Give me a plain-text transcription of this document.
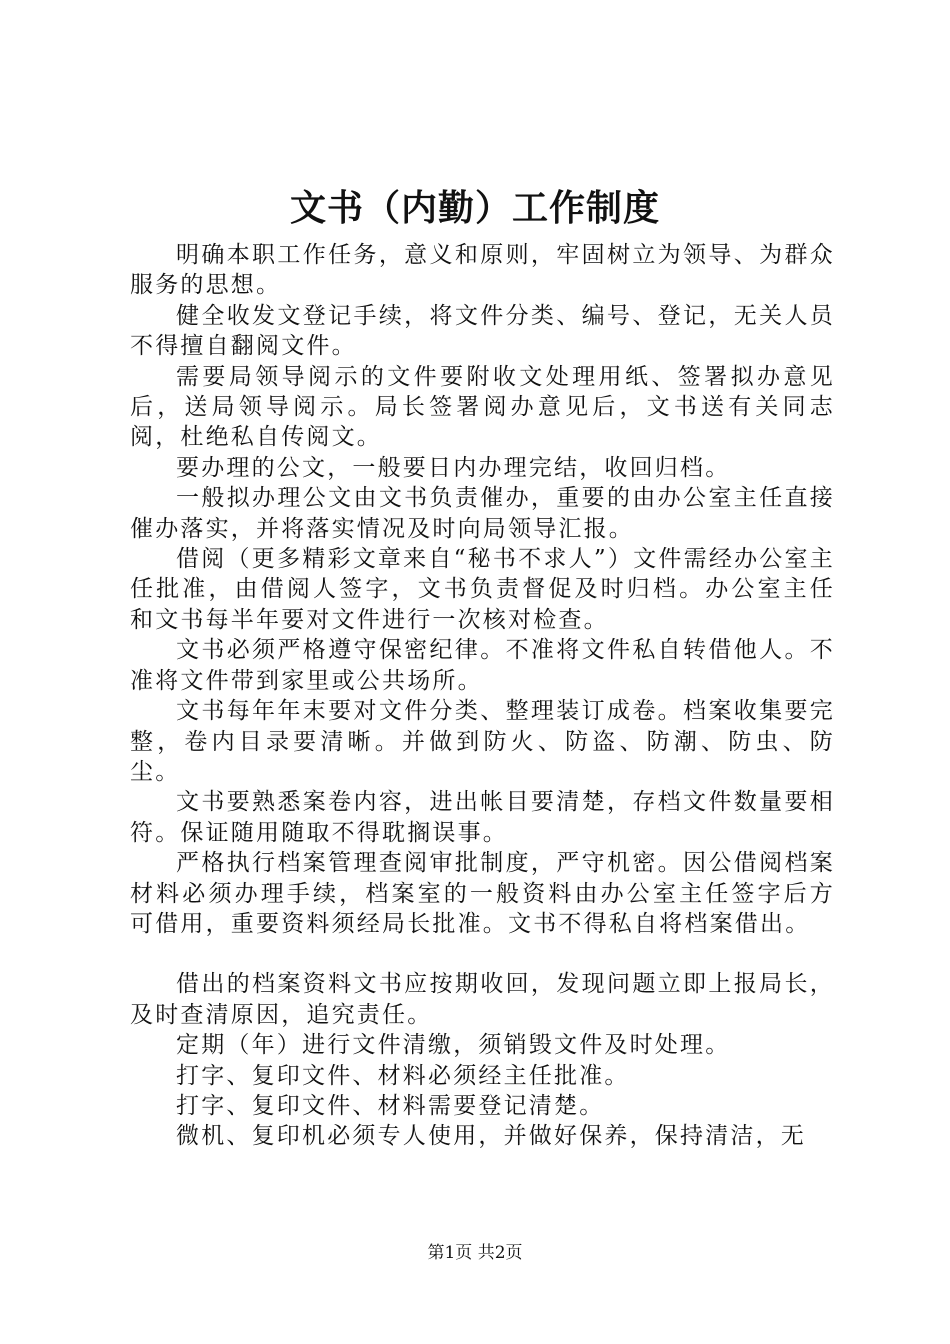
文书（内勤）工作制度

明确本职工作任务，意义和原则，牢固树立为领导、为群众服务的思想。

健全收发文登记手续，将文件分类、编号、登记，无关人员不得擅自翻阅文件。

需要局领导阅示的文件要附收文处理用纸、签署拟办意见后，送局领导阅示。局长签署阅办意见后，文书送有关同志阅，杜绝私自传阅文。

要办理的公文，一般要日内办理完结，收回归档。

一般拟办理公文由文书负责催办，重要的由办公室主任直接催办落实，并将落实情况及时向局领导汇报。

借阅（更多精彩文章来自“秘书不求人”）文件需经办公室主任批准，由借阅人签字，文书负责督促及时归档。办公室主任和文书每半年要对文件进行一次核对检查。

文书必须严格遵守保密纪律。不准将文件私自转借他人。不准将文件带到家里或公共场所。

文书每年年末要对文件分类、整理装订成卷。档案收集要完整，卷内目录要清晰。并做到防火、防盗、防潮、防虫、防尘。

文书要熟悉案卷内容，进出帐目要清楚，存档文件数量要相符。保证随用随取不得耽搁误事。

严格执行档案管理查阅审批制度，严守机密。因公借阅档案材料必须办理手续，档案室的一般资料由办公室主任签字后方可借用，重要资料须经局长批准。文书不得私自将档案借出。

借出的档案资料文书应按期收回，发现问题立即上报局长，及时查清原因，追究责任。

定期（年）进行文件清缴，须销毁文件及时处理。

打字、复印文件、材料必须经主任批准。

打字、复印文件、材料需要登记清楚。

微机、复印机必须专人使用，并做好保养，保持清洁，无

第1页 共2页
